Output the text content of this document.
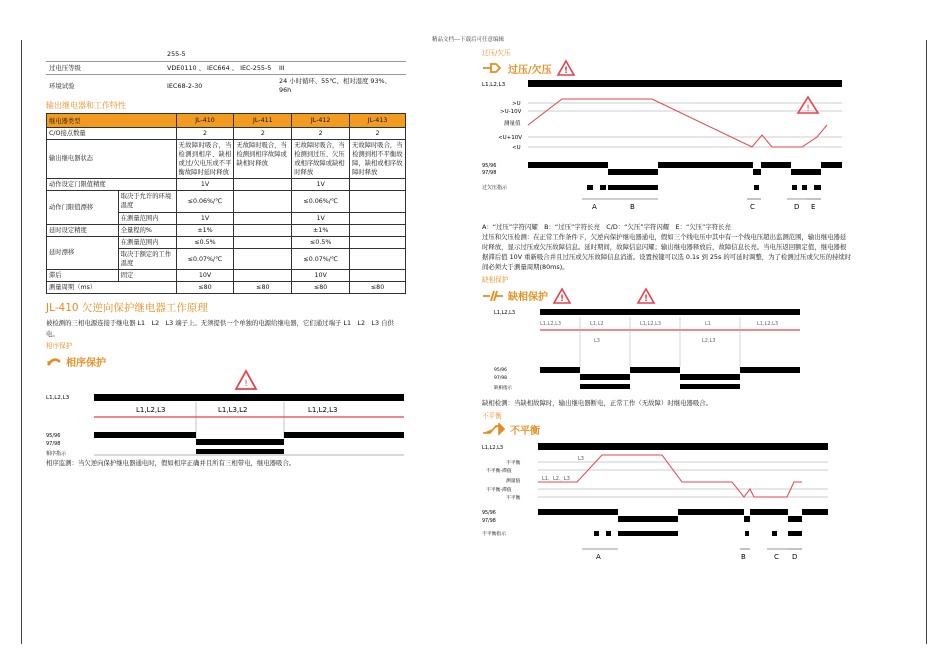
精品文档---下载后可任意编辑
	255-5	
过电压等级	VDE0110 、 IEC664 、 IEC-255-5	III
环境试验	IEC68-2-30	24 小时循环、55℃、相对湿度 93%、96h
输出继电器和工作特性
继电器类型		JL-410	JL-411	JL-412	JL-413
C/O接点数量		2	2	2	2
输出继电器状态		无故障时吸合，当检测到相序、缺相或过/欠电压或不平衡故障时延时释放	无故障时吸合，当检测到相序故障或缺相时释放	无故障时吸合，当检测到过压、欠压或相序故障或缺相时释放	无故障时吸合，当检测到相不平衡故障，缺相或相序故障时释放
动作设定门限值精度		1V		1V	
动作门限值漂移	取决于允许的环境温度	≤0.06%/℃		≤0.06%/℃	
	在测量范围内	1V		1V	
延时设定精度	全量程的%	±1%		±1%	
延时漂移	在测量范围内	≤0.5%		≤0.5%	
	取决于额定的工作温度	≤0.07%/℃		≤0.07%/℃	
滞后	固定	10V		10V	
测量周期（ms）		≤80	≤80	≤80	≤80
JL-410 欠逆向保护继电器工作原理
被检测的三相电源连接于继电器 L1　L2　L3 端子上。无须提供一个单独的电源给继电器，它们通过端子 L1　L2　L3 自供电。
相序保护
相序保护
!
L1,L2,L3
L1,L2,L3	L1,L3,L2	L1,L2,L3
95/96
97/98
相序指示
相序监测：当欠逆向保护继电器通电时，假如相序正确并且所有三相带电，继电器吸合。
过压/欠压
过压/欠压 !
L1,L2,L3
>U
>U-10V
测量值
<U+10V
<U
!
95/96
97/98
过欠压指示
A	B	C	D E
A：“过压”字符闪耀　B：“过压”字符长亮　C/D：“欠压”字符闪耀　E：“欠压”字符长亮
过压和欠压检测：在正常工作条件下，欠逆向保护继电器通电，假如三个线电压中其中有一个线电压超出监测范围，输出继电器延时释放，显示过压或欠压故障信息。延时期间，故障信息闪耀；输出继电器释放后，故障信息长亮。当电压返回额定值，继电器根据滞后值 10V 重新吸合并且过压或欠压故障信息消逝。设置按键可以选 0.1s 到 25s 的可延时调整，为了检测过压或欠压的持续时间必须大于测量周期(80ms)。
缺相保护
缺相保护 !	!
L1,L2,L3
L1,L2,L3	L1,L2	L1,L2,L3	L1	L1,L2,L3
L3	L2,L3
95/96
97/98
缺相指示
缺相检测：当缺相故障时，输出继电器断电，正常工作（无故障）时继电器吸合。
不平衡
不平衡
L1,L2,L3
不平衡
不平衡-滞值
测量值
不平衡-滞值
不平衡
L3
L1、L2、L3
95/96
97/98
不平衡指示
A	B	C D
